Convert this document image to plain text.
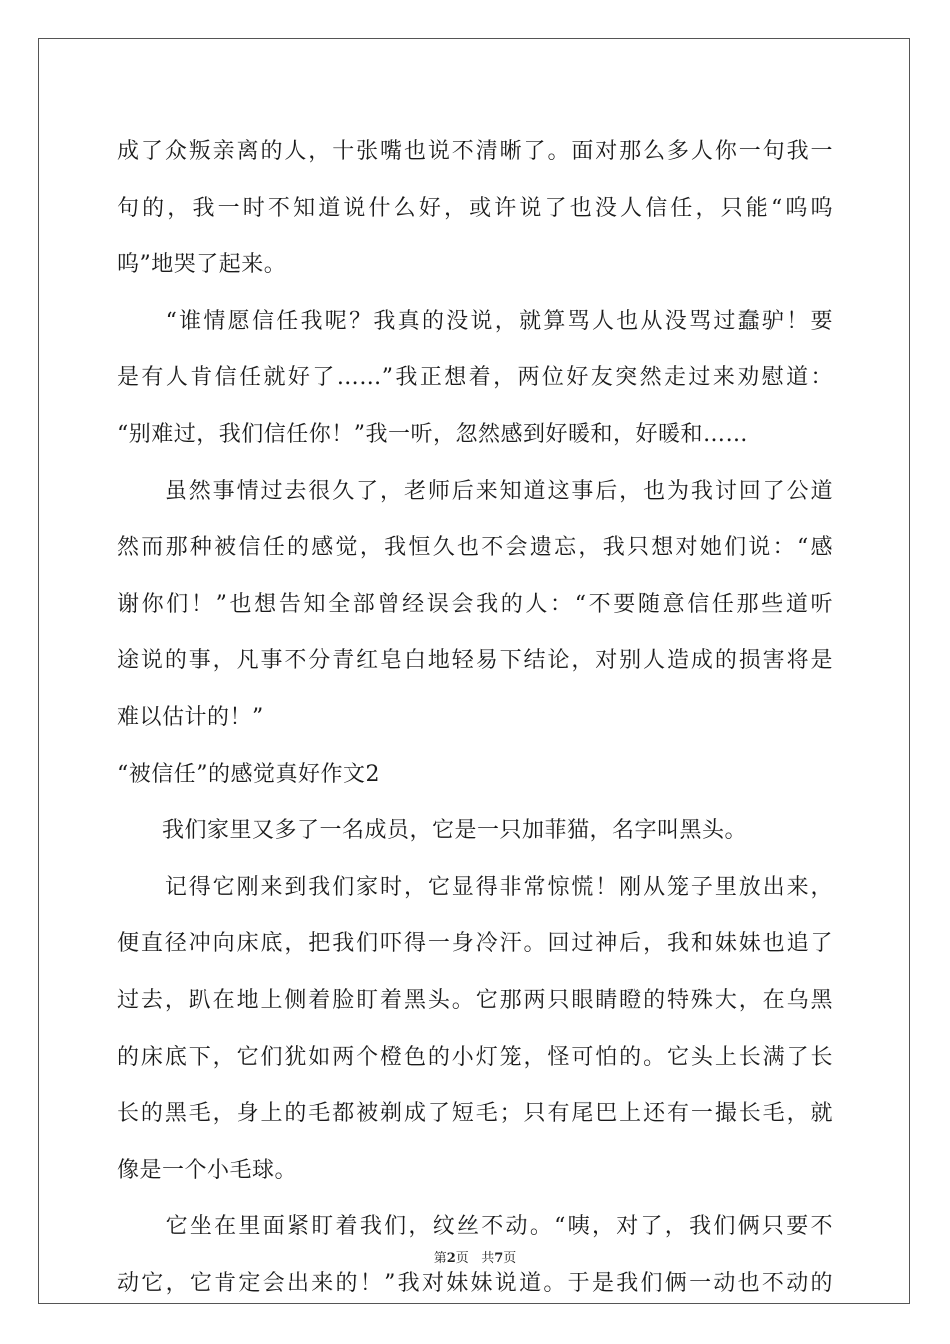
成了众叛亲离的人，十张嘴也说不清晰了。面对那么多人你一句我一
句的，我一时不知道说什么好，或许说了也没人信任，只能“呜呜
呜”地哭了起来。
　　“谁情愿信任我呢？我真的没说，就算骂人也从没骂过蠢驴！要
是有人肯信任就好了……”我正想着，两位好友突然走过来劝慰道：
“别难过，我们信任你！”我一听，忽然感到好暖和，好暖和……
　　虽然事情过去很久了，老师后来知道这事后，也为我讨回了公道
然而那种被信任的感觉，我恒久也不会遗忘，我只想对她们说：“感
谢你们！”也想告知全部曾经误会我的人：“不要随意信任那些道听
途说的事，凡事不分青红皂白地轻易下结论，对别人造成的损害将是
难以估计的！”
“被信任”的感觉真好作文2
　　我们家里又多了一名成员，它是一只加菲猫，名字叫黑头。
　　记得它刚来到我们家时，它显得非常惊慌！刚从笼子里放出来，
便直径冲向床底，把我们吓得一身冷汗。回过神后，我和妹妹也追了
过去，趴在地上侧着脸盯着黑头。它那两只眼睛瞪的特殊大，在乌黑
的床底下，它们犹如两个橙色的小灯笼，怪可怕的。它头上长满了长
长的黑毛，身上的毛都被剃成了短毛；只有尾巴上还有一撮长毛，就
像是一个小毛球。
　　它坐在里面紧盯着我们，纹丝不动。“咦，对了，我们俩只要不
动它，它肯定会出来的！”我对妹妹说道。于是我们俩一动也不动的
第2页 共7页
